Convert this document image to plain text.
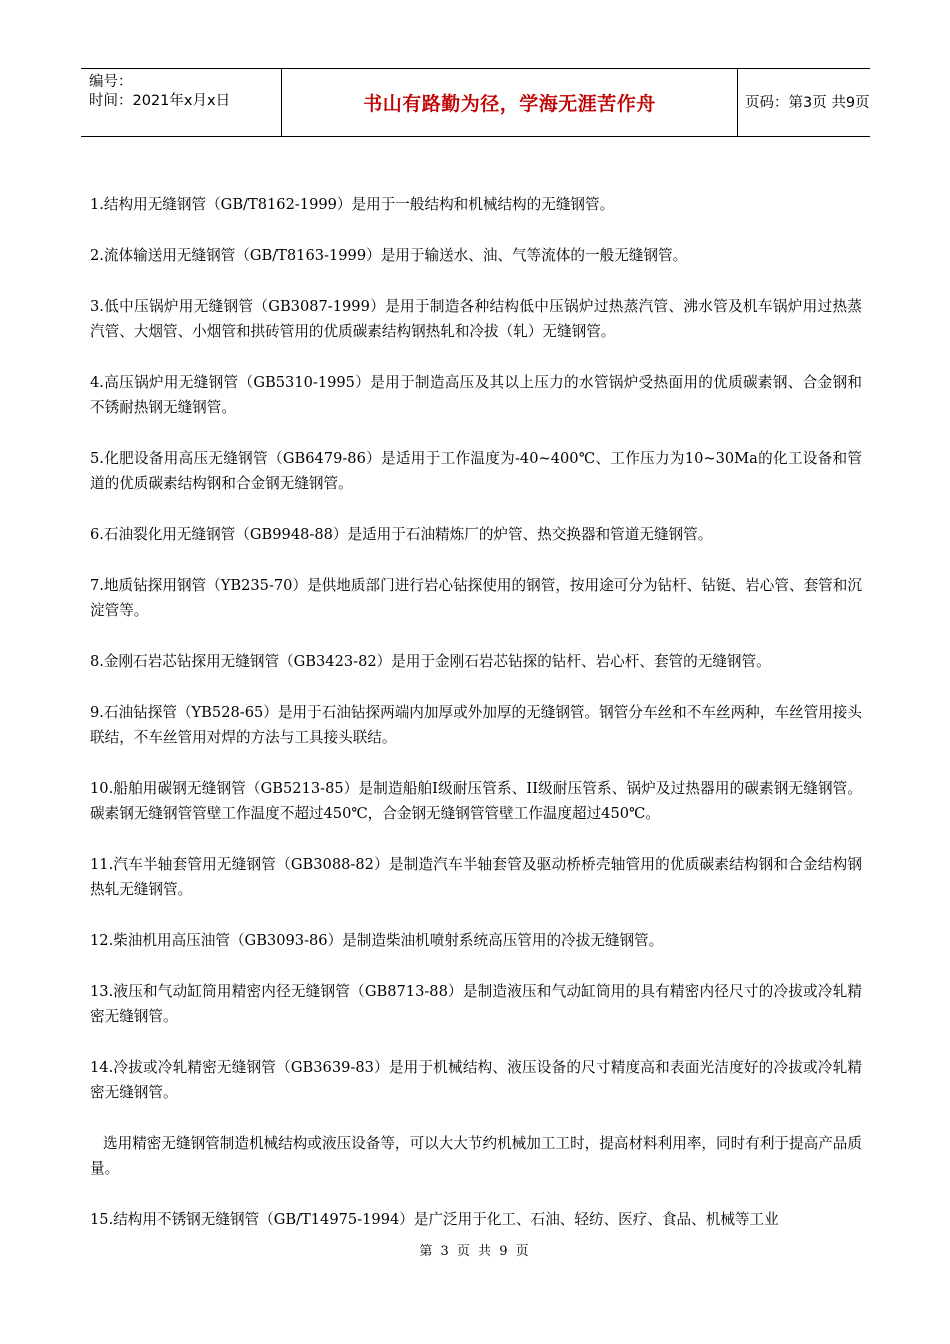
编号：
时间：2021年x月x日	书山有路勤为径，学海无涯苦作舟	页码：第3页 共9页

1.结构用无缝钢管（GB/T8162-1999）是用于一般结构和机械结构的无缝钢管。

2.流体输送用无缝钢管（GB/T8163-1999）是用于输送水、油、气等流体的一般无缝钢管。

3.低中压锅炉用无缝钢管（GB3087-1999）是用于制造各种结构低中压锅炉过热蒸汽管、沸水管及机车锅炉用过热蒸汽管、大烟管、小烟管和拱砖管用的优质碳素结构钢热轧和冷拔（轧）无缝钢管。

4.高压锅炉用无缝钢管（GB5310-1995）是用于制造高压及其以上压力的水管锅炉受热面用的优质碳素钢、合金钢和不锈耐热钢无缝钢管。

5.化肥设备用高压无缝钢管（GB6479-86）是适用于工作温度为-40~400℃、工作压力为10~30Ma的化工设备和管道的优质碳素结构钢和合金钢无缝钢管。

6.石油裂化用无缝钢管（GB9948-88）是适用于石油精炼厂的炉管、热交换器和管道无缝钢管。

7.地质钻探用钢管（YB235-70）是供地质部门进行岩心钻探使用的钢管，按用途可分为钻杆、钻铤、岩心管、套管和沉淀管等。

8.金刚石岩芯钻探用无缝钢管（GB3423-82）是用于金刚石岩芯钻探的钻杆、岩心杆、套管的无缝钢管。

9.石油钻探管（YB528-65）是用于石油钻探两端内加厚或外加厚的无缝钢管。钢管分车丝和不车丝两种，车丝管用接头联结，不车丝管用对焊的方法与工具接头联结。

10.船舶用碳钢无缝钢管（GB5213-85）是制造船舶I级耐压管系、II级耐压管系、锅炉及过热器用的碳素钢无缝钢管。碳素钢无缝钢管管壁工作温度不超过450℃，合金钢无缝钢管管壁工作温度超过450℃。

11.汽车半轴套管用无缝钢管（GB3088-82）是制造汽车半轴套管及驱动桥桥壳轴管用的优质碳素结构钢和合金结构钢热轧无缝钢管。

12.柴油机用高压油管（GB3093-86）是制造柴油机喷射系统高压管用的冷拔无缝钢管。

13.液压和气动缸筒用精密内径无缝钢管（GB8713-88）是制造液压和气动缸筒用的具有精密内径尺寸的冷拔或冷轧精密无缝钢管。

14.冷拔或冷轧精密无缝钢管（GB3639-83）是用于机械结构、液压设备的尺寸精度高和表面光洁度好的冷拔或冷轧精密无缝钢管。

选用精密无缝钢管制造机械结构或液压设备等，可以大大节约机械加工工时，提高材料利用率，同时有利于提高产品质量。

15.结构用不锈钢无缝钢管（GB/T14975-1994）是广泛用于化工、石油、轻纺、医疗、食品、机械等工业

第 3 页 共 9 页
